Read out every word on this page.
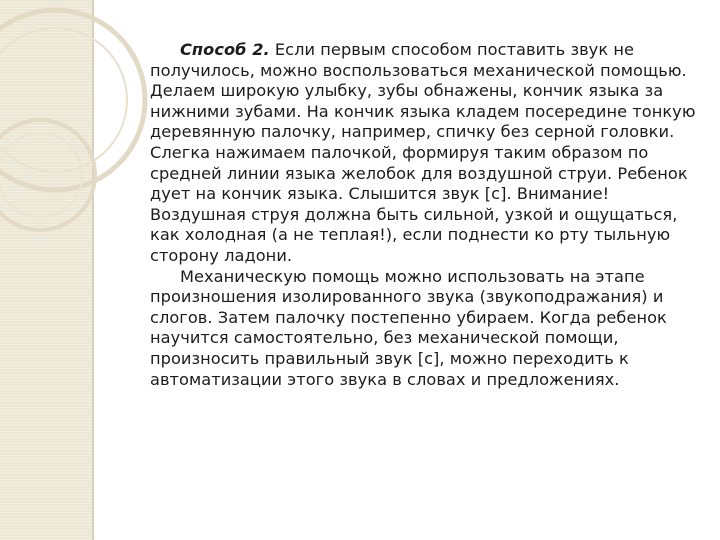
Способ 2. Если первым способом поставить звук не получилось, можно воспользоваться механической помощью. Делаем широкую улыбку, зубы обнажены, кончик языка за нижними зубами. На кончик языка кладем посередине тонкую деревянную палочку, например, спичку без серной головки. Слегка нажимаем палочкой, формируя таким образом по средней линии языка желобок для воздушной струи. Ребенок дует на кончик языка. Слышится звук [с]. Внимание! Воздушная струя должна быть сильной, узкой и ощущаться, как холодная (а не теплая!), если поднести ко рту тыльную сторону ладони.

Механическую помощь можно использовать на этапе произношения изолированного звука (звукоподражания) и слогов. Затем палочку постепенно убираем. Когда ребенок научится самостоятельно, без механической помощи, произносить правильный звук [с], можно переходить к автоматизации этого звука в словах и предложениях.
